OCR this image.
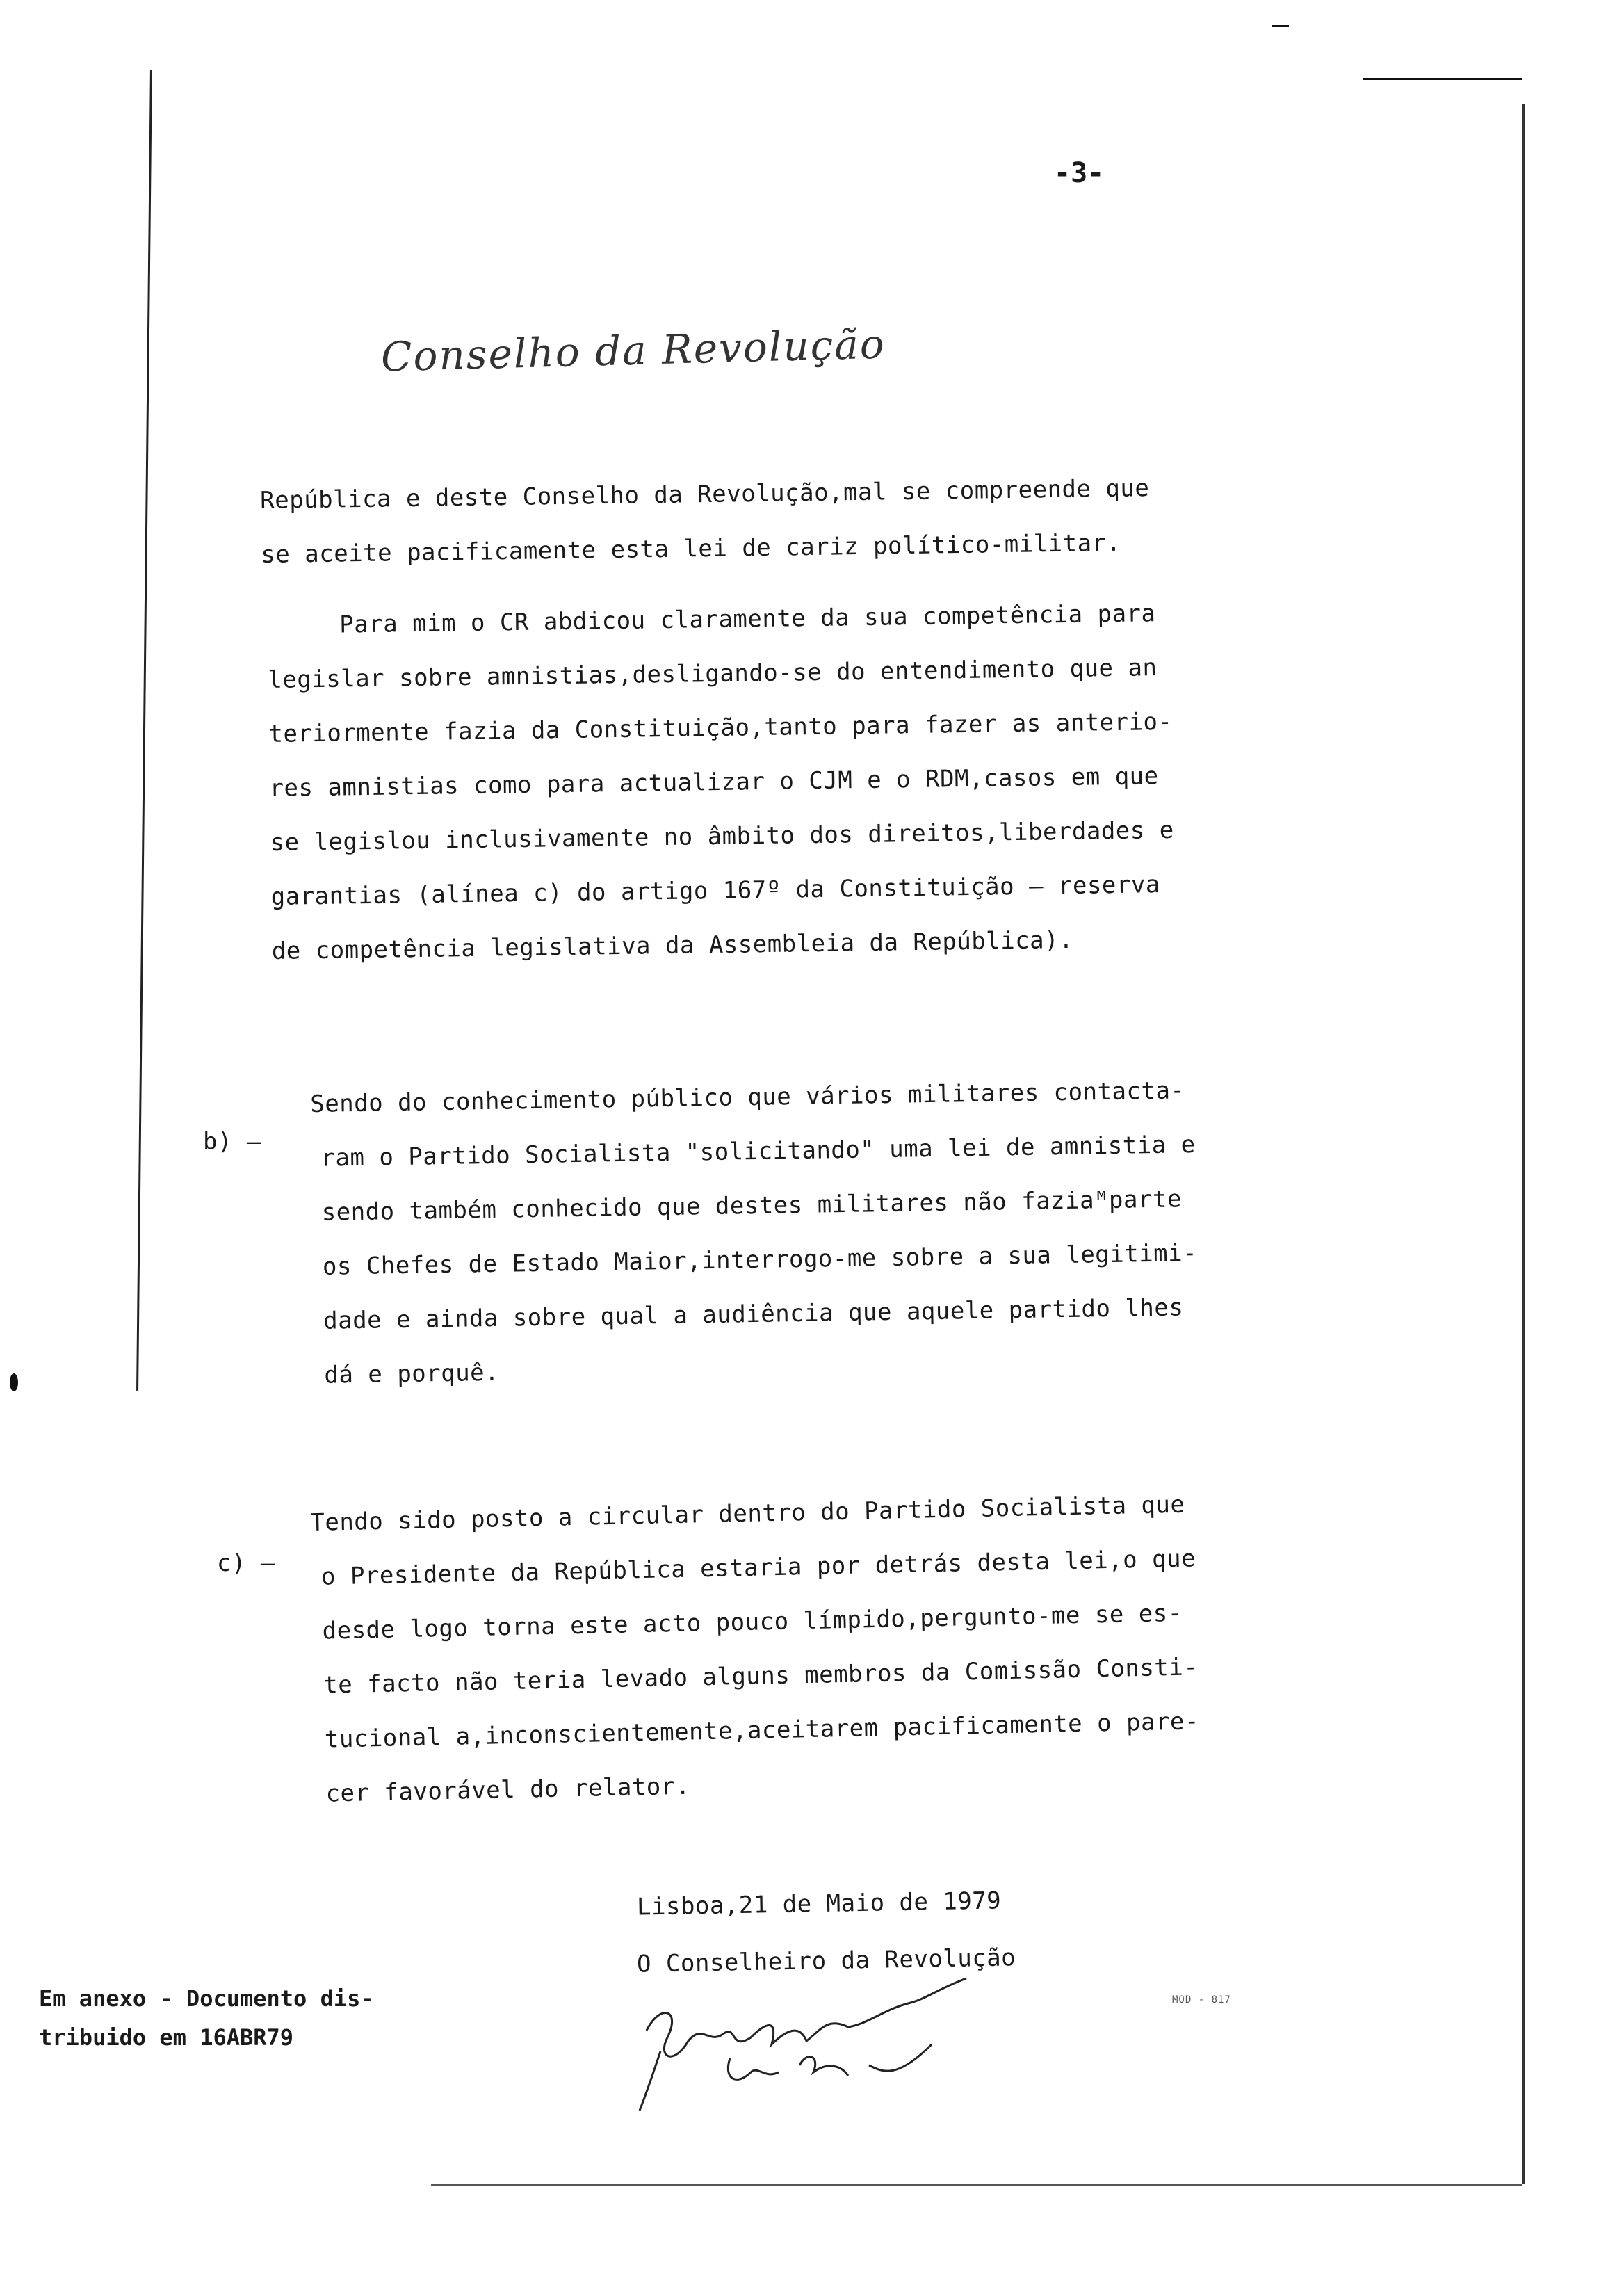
-3-
Conselho da Revolução
República e deste Conselho da Revolução,mal se compreende que
se aceite pacificamente esta lei de cariz político-militar.
Para mim o CR abdicou claramente da sua competência para
legislar sobre amnistias,desligando-se do entendimento que an
teriormente fazia da Constituição,tanto para fazer as anterio-
res amnistias como para actualizar o CJM e o RDM,casos em que
se legislou inclusivamente no âmbito dos direitos,liberdades e
garantias (alínea c) do artigo 167º da Constituição — reserva
de competência legislativa da Assembleia da República).
b) —
Sendo do conhecimento público que vários militares contacta-
ram o Partido Socialista "solicitando" uma lei de amnistia e
sendo também conhecido que destes militares não faziaᴹparte
os Chefes de Estado Maior,interrogo-me sobre a sua legitimi-
dade e ainda sobre qual a audiência que aquele partido lhes
dá e porquê.
c) —
Tendo sido posto a circular dentro do Partido Socialista que
o Presidente da República estaria por detrás desta lei,o que
desde logo torna este acto pouco límpido,pergunto-me se es-
te facto não teria levado alguns membros da Comissão Consti-
tucional a,inconscientemente,aceitarem pacificamente o pare-
cer favorável do relator.
Lisboa,21 de Maio de 1979
O Conselheiro da Revolução
Em anexo - Documento dis-
tribuido em 16ABR79
MOD - 817
